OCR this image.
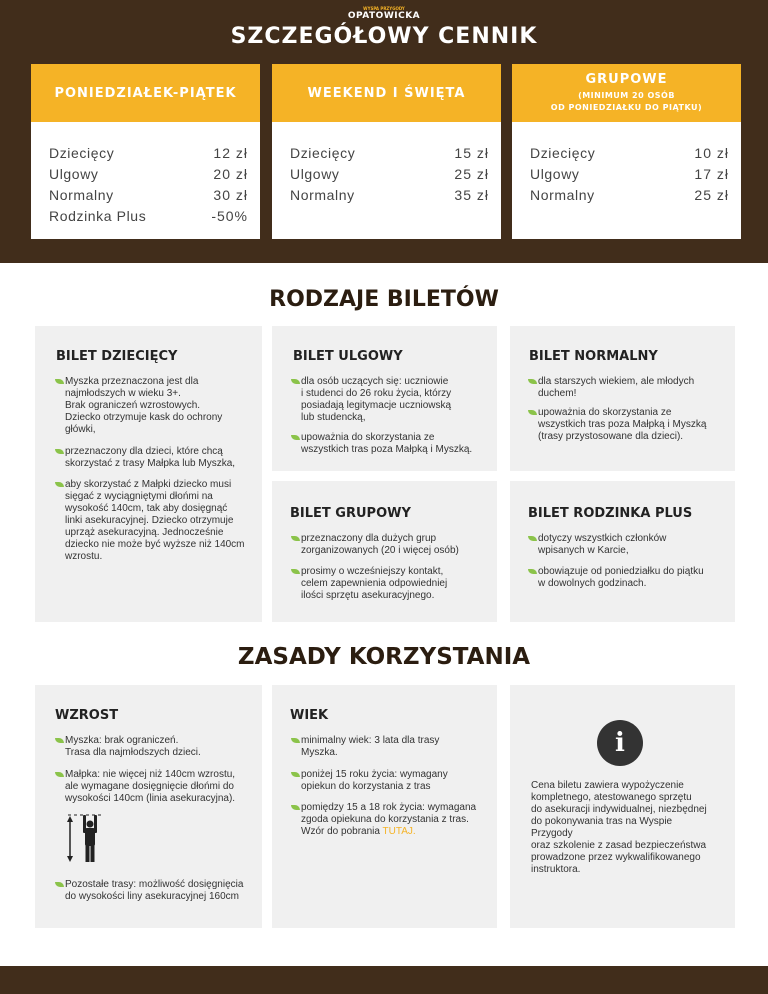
SZCZEGÓŁOWY CENNIK
PONIEDZIAŁEK-PIĄTEK
Dziecięcy	12 zł
Ulgowy	20 zł
Normalny	30 zł
Rodzinka Plus	-50%
WEEKEND I ŚWIĘTA
Dziecięcy	15 zł
Ulgowy	25 zł
Normalny	35 zł
GRUPOWE
(MINIMUM 20 OSÓB
OD PONIEDZIAŁKU DO PIĄTKU)
Dziecięcy	10 zł
Ulgowy	17 zł
Normalny	25 zł
RODZAJE BILETÓW
BILET DZIECIĘCY
Myszka przeznaczona jest dla
najmłodszych w wieku 3+.
Brak ograniczeń wzrostowych.
Dziecko otrzymuje kask do ochrony
główki,
przeznaczony dla dzieci, które chcą
skorzystać z trasy Małpka lub Myszka,
aby skorzystać z Małpki dziecko musi
sięgać z wyciągniętymi dłońmi na
wysokość 140cm, tak aby dosięgnąć
linki asekuracyjnej. Dziecko otrzymuje
uprząż asekuracyjną. Jednocześnie
dziecko nie może być wyższe niż 140cm
wzrostu.
BILET ULGOWY
dla osób uczących się: uczniowie
i studenci do 26 roku życia, którzy
posiadają legitymacje uczniowską
lub studencką,
upoważnia do skorzystania ze
wszystkich tras poza Małpką i Myszką.
BILET NORMALNY
dla starszych wiekiem, ale młodych
duchem!
upoważnia do skorzystania ze
wszystkich tras poza Małpką i Myszką
(trasy przystosowane dla dzieci).
BILET GRUPOWY
przeznaczony dla dużych grup
zorganizowanych (20 i więcej osób)
prosimy o wcześniejszy kontakt,
celem zapewnienia odpowiedniej
ilości sprzętu asekuracyjnego.
BILET RODZINKA PLUS
dotyczy wszystkich członków
wpisanych w Karcie,
obowiązuje od poniedziałku do piątku
w dowolnych godzinach.
ZASADY KORZYSTANIA
WZROST
Myszka: brak ograniczeń.
Trasa dla najmłodszych dzieci.
Małpka: nie więcej niż 140cm wzrostu,
ale wymagane dosięgnięcie dłońmi do
wysokości 140cm (linia asekuracyjna).
Pozostałe trasy: możliwość dosięgnięcia
do wysokości liny asekuracyjnej 160cm
WIEK
minimalny wiek: 3 lata dla trasy
Myszka.
poniżej 15 roku życia: wymagany
opiekun do korzystania z tras
pomiędzy 15 a 18 rok życia: wymagana
zgoda opiekuna do korzystania z tras.
Wzór do pobrania TUTAJ.
i
Cena biletu zawiera wypożyczenie
kompletnego, atestowanego sprzętu
do asekuracji indywidualnej, niezbędnej
do pokonywania tras na Wyspie Przygody
oraz szkolenie z zasad bezpieczeństwa
prowadzone przez wykwalifikowanego
instruktora.
WYSPA PRZYGODY
OPATOWICKA
